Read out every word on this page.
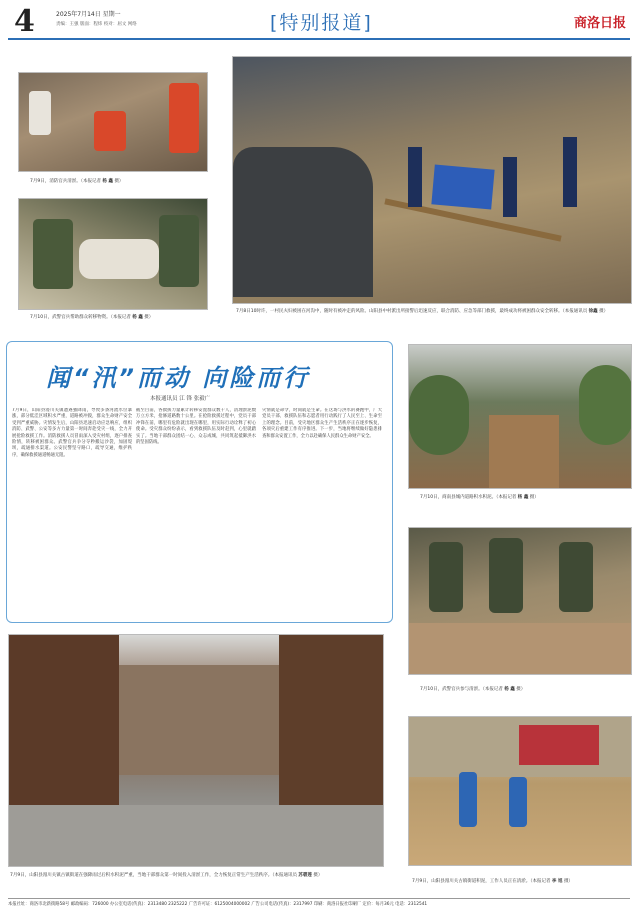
4	2025年7月14日 星期一
责编：王强 版面：程炜 校对：屈文 网络	[特别报道]	商洛日报
7月9日，消防官兵清淤。（本报记者 杨 鑫 摄）
7月10日，武警官兵帮助群众转移物资。（本报记者 杨 鑫 摄）
7月8日10时许，一村民夫妇被困在河沟中，随时有被冲走的风险。山阳县中村派出所接警后迅速反应，联合消防、应急等部门救援，最终成功将被困群众安全转移。（本报通讯员 徐鑫 摄）
闻“汛”而动 向险而行
本报通讯员 江 锋 张毅广
7月9日，山阳县漫川关镇遭遇强降雨，导致多条河流水位暴涨，部分低洼区域积水严重，道路被冲毁，群众生命财产安全受到严重威胁。灾情发生后，山阳县迅速启动应急响应，组织消防、武警、公安等多方力量第一时间奔赴受灾一线，全力开展抢险救援工作。消防救援人员冒雨深入受灾村组，逐户排查险情，转移被困群众。武警官兵争分夺秒搬运沙袋，加固堤坝，疏通排水渠道。公安民警坚守路口，疏导交通，维护秩序，确保救援通道畅通无阻。
截至目前，各救援力量累计转移安置群众数千人，清理淤泥数万立方米，抢修道路数十公里。在抢险救援过程中，党员干部冲锋在前，哪里有危险就出现在哪里，用实际行动诠释了初心使命。受灾群众纷纷表示，看到救援队伍及时赶到，心里就踏实了。当地干部群众团结一心、众志成城，共同筑起抵御洪水的坚固防线。
灾情就是命令，时间就是生命。在这场与洪水的赛跑中，广大党员干部、救援队伍和志愿者用行动践行了人民至上、生命至上的理念。目前，受灾地区群众生产生活秩序正在逐步恢复，各项灾后重建工作有序推进。下一步，当地将继续做好隐患排查和群众安置工作，全力以赴确保人民群众生命财产安全。
7月10日，商南县城内道路积水积泥。（本报记者 杨 鑫 摄）
7月10日，武警官兵参与清淤。（本报记者 杨 鑫 摄）
7月9日，山阳县漫川关镇古镇街道在强降雨过后积水积泥严重，当地干部群众第一时间投入清淤工作，全力恢复正常生产生活秩序。（本报通讯员 苏碧莲 摄）
7月9日，山阳县漫川关古镇街道积泥，工作人员正在清淤。（本报记者 李 旭 摄）
本报社址：商洛市北新街路58号 邮政编码：726000 办公室电话(传真)：2313480 2325222 广告许可证：6125004000002 广告公司电话(传真)：2317997 印刷：商洛日报社印刷厂 定价：每月36元 电话：2312541
